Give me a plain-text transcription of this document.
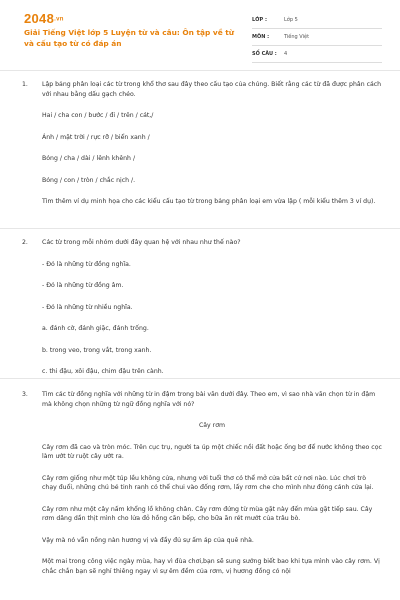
2048.vn
Giải Tiếng Việt lớp 5 Luyện từ và câu: Ôn tập về từ và cấu tạo từ có đáp án
LỚP :	Lớp 5
MÔN :	Tiếng Việt
SỐ CÂU :	4
1. Lập bảng phân loại các từ trong khổ thơ sau đây theo cấu tạo của chúng. Biết rằng các từ đã được phân cách với nhau bằng dấu gạch chéo.
Hai / cha con / bước / đi / trên / cát,/
Ánh / mặt trời / rực rỡ / biển xanh /
Bóng / cha / dài / lênh khênh /
Bóng / con / tròn / chắc nịch /.
Tìm thêm ví dụ minh họa cho các kiểu cấu tạo từ trong bảng phân loại em vừa lập ( mỗi kiểu thêm 3 ví dụ).
2. Các từ trong mỗi nhóm dưới đây quan hệ với nhau như thế nào?
- Đó là những từ đồng nghĩa.
- Đó là những từ đồng âm.
- Đó là những từ nhiều nghĩa.
a. đánh cờ, đánh giặc, đánh trống.
b. trong veo, trong vắt, trong xanh.
c. thi đậu, xôi đậu, chim đậu trên cành.
3. Tìm các từ đồng nghĩa với những từ in đậm trong bài văn dưới đây. Theo em, vì sao nhà văn chọn từ in đậm mà không chọn những từ ngữ đồng nghĩa với nó?
Cây rơm
Cây rơm đã cao và tròn móc. Trên cục trụ, người ta úp một chiếc nồi đất hoặc ống bơ để nước không theo cọc làm ướt từ ruột cây ướt ra.
Cây rơm giống như một túp lều không cửa, nhưng với tuổi thơ có thể mở cửa bất cứ nơi nào. Lúc chơi trò chạy đuổi, những chú bé tinh ranh có thể chui vào đống rơm, lấy rơm che cho mình như đóng cánh cửa lại.
Cây rơm như một cây nấm khổng lồ không chân. Cây rơm đứng từ mùa gặt này đến mùa gặt tiếp sau. Cây rơm dâng dần thịt mình cho lửa đỏ hồng căn bếp, cho bữa ăn rét mướt của trâu bò.
Vậy mà nó vẫn nồng nàn hương vị và đầy đủ sự ấm áp của quê nhà.
Một mai trong công việc ngày mùa, hay vì đùa chơi,bạn sẽ sung sướng biết bao khi tựa mình vào cây rơm. Vị chắc chắn bạn sẽ nghỉ thiêng ngay vì sự êm đềm của rơm, vị hương đồng có nội
